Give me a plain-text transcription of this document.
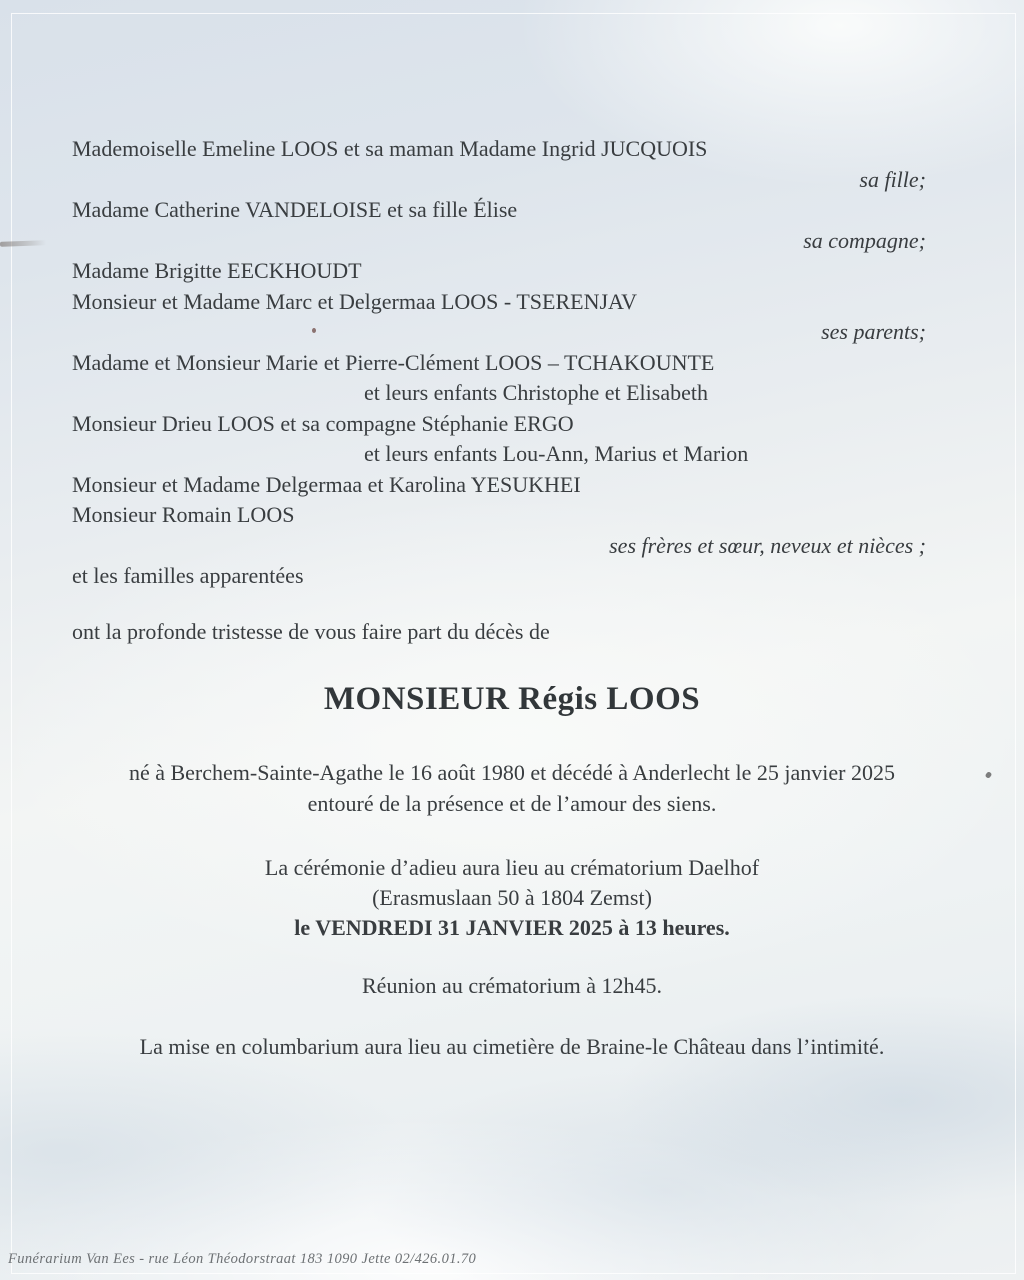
Mademoiselle Emeline LOOS et sa maman Madame Ingrid JUCQUOIS
sa fille;
Madame Catherine VANDELOISE et sa fille Élise
sa compagne;
Madame Brigitte EECKHOUDT
Monsieur et Madame Marc et Delgermaa LOOS - TSERENJAV
ses parents;
Madame et Monsieur Marie et Pierre-Clément LOOS – TCHAKOUNTE
et leurs enfants Christophe et Elisabeth
Monsieur Drieu LOOS et sa compagne Stéphanie ERGO
et leurs enfants Lou-Ann, Marius et Marion
Monsieur et Madame Delgermaa et Karolina YESUKHEI
Monsieur Romain LOOS
ses frères et sœur, neveux et nièces ;
et les familles apparentées
ont la profonde tristesse de vous faire part du décès de
MONSIEUR Régis LOOS
né à Berchem-Sainte-Agathe le 16 août 1980 et décédé à Anderlecht le 25 janvier 2025
entouré de la présence et de l’amour des siens.
La cérémonie d’adieu aura lieu au crématorium Daelhof
(Erasmuslaan 50 à 1804 Zemst)
le VENDREDI 31 JANVIER 2025 à 13 heures.
Réunion au crématorium à 12h45.
La mise en columbarium aura lieu au cimetière de Braine-le Château dans l’intimité.
Funérarium Van Ees - rue Léon Théodorstraat 183 1090 Jette 02/426.01.70
